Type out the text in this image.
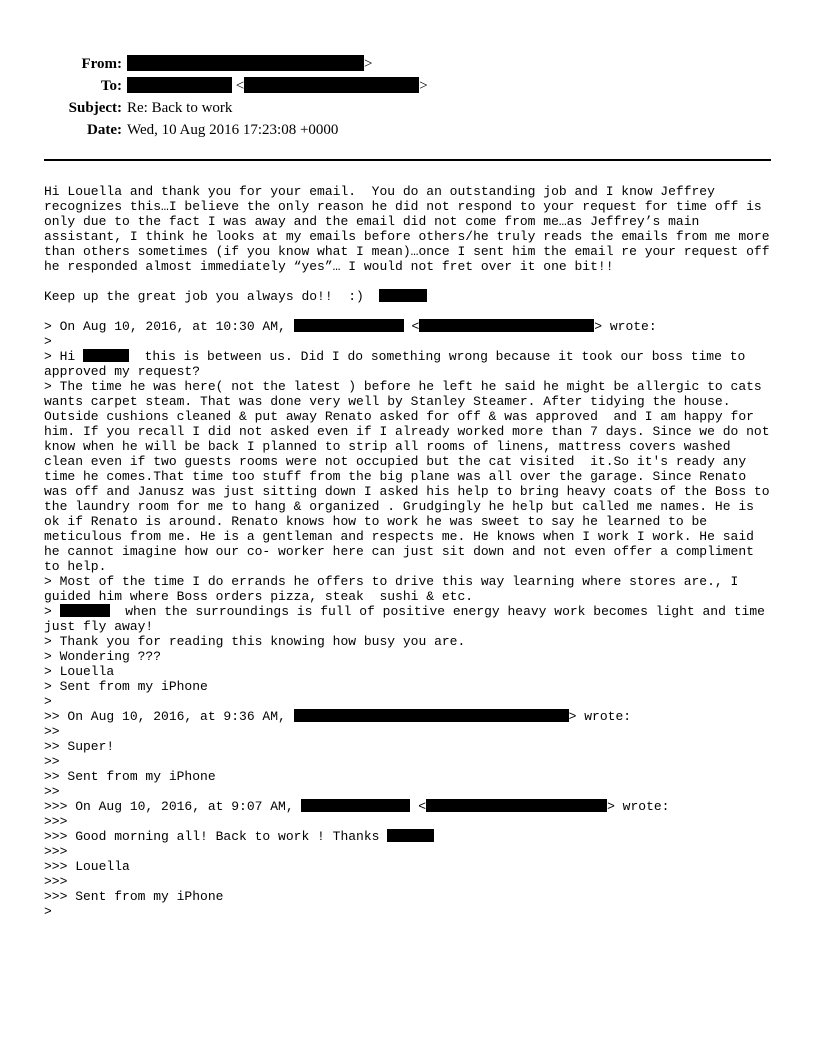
From:	>
To:	<	>
Subject: Re: Back to work
Date: Wed, 10 Aug 2016 17:23:08 +0000
Hi Louella and thank you for your email.  You do an outstanding job and I know Jeffrey
recognizes this…I believe the only reason he did not respond to your request for time off is
only due to the fact I was away and the email did not come from me…as Jeffrey’s main
assistant, I think he looks at my emails before others/he truly reads the emails from me more
than others sometimes (if you know what I mean)…once I sent him the email re your request off
he responded almost immediately “yes”… I would not fret over it one bit!!
Keep up the great job you always do!!  :)
> On Aug 10, 2016, at 10:30 AM,	<	> wrote:
>
> Hi	this is between us. Did I do something wrong because it took our boss time to
approved my request?
> The time he was here( not the latest ) before he left he said he might be allergic to cats
wants carpet steam. That was done very well by Stanley Steamer. After tidying the house.
Outside cushions cleaned & put away Renato asked for off & was approved  and I am happy for
him. If you recall I did not asked even if I already worked more than 7 days. Since we do not
know when he will be back I planned to strip all rooms of linens, mattress covers washed
clean even if two guests rooms were not occupied but the cat visited  it.So it's ready any
time he comes.That time too stuff from the big plane was all over the garage. Since Renato
was off and Janusz was just sitting down I asked his help to bring heavy coats of the Boss to
the laundry room for me to hang & organized . Grudgingly he help but called me names. He is
ok if Renato is around. Renato knows how to work he was sweet to say he learned to be
meticulous from me. He is a gentleman and respects me. He knows when I work I work. He said
he cannot imagine how our co- worker here can just sit down and not even offer a compliment
to help.
> Most of the time I do errands he offers to drive this way learning where stores are., I
guided him where Boss orders pizza, steak  sushi & etc.
>	when the surroundings is full of positive energy heavy work becomes light and time
just fly away!
> Thank you for reading this knowing how busy you are.
> Wondering ???
> Louella
> Sent from my iPhone
>
>> On Aug 10, 2016, at 9:36 AM,	> wrote:
>>
>> Super!
>>
>> Sent from my iPhone
>>
>>> On Aug 10, 2016, at 9:07 AM,	<	> wrote:
>>>
>>> Good morning all! Back to work ! Thanks
>>>
>>> Louella
>>>
>>> Sent from my iPhone
>
